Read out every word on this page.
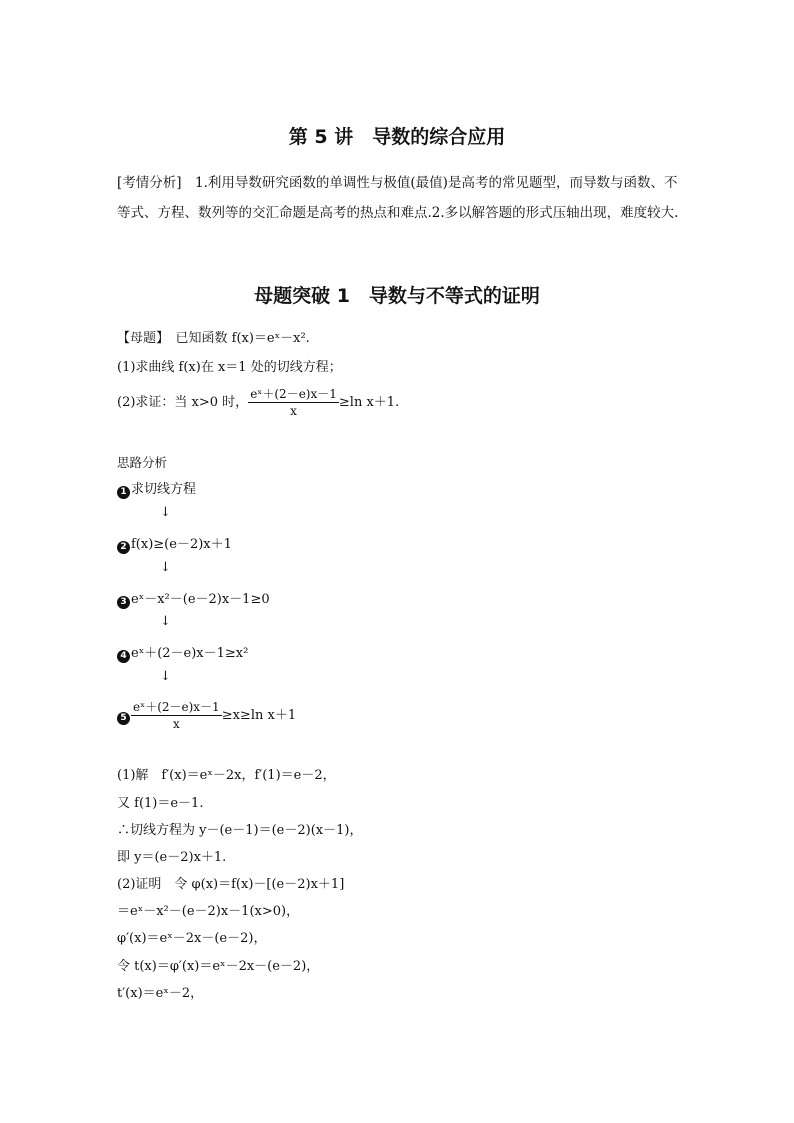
第 5 讲　导数的综合应用
[考情分析]　1.利用导数研究函数的单调性与极值(最值)是高考的常见题型，而导数与函数、不等式、方程、数列等的交汇命题是高考的热点和难点.2.多以解答题的形式压轴出现，难度较大.
母题突破 1　导数与不等式的证明
【母题】　已知函数 f(x)＝eˣ－x².
(1)求曲线 f(x)在 x＝1 处的切线方程；
(2)求证：当 x>0 时， $\frac{\text{eˣ＋(2－e)x－1}}{x} \ge\ln$ x＋1.
思路分析
1 求切线方程
↓
2 f(x)≥(e－2)x＋1
↓
3 eˣ－x²－(e－2)x－1≥0
↓
4 eˣ＋(2－e)x－1≥x²
↓
$5 \frac{\text{eˣ＋(2－e)x－1}}{x} \ge x\ge\ln$ x＋1
(1)解　f′(x)＝eˣ－2x，f′(1)＝e－2，
又 f(1)＝e－1.
∴切线方程为 y－(e－1)＝(e－2)(x－1)，
即 y＝(e－2)x＋1.
(2)证明　令 φ(x)＝f(x)－[(e－2)x＋1]
＝eˣ－x²－(e－2)x－1(x>0)，
φ′(x)＝eˣ－2x－(e－2)，
令 t(x)＝φ′(x)＝eˣ－2x－(e－2)，
t′(x)＝eˣ－2，
